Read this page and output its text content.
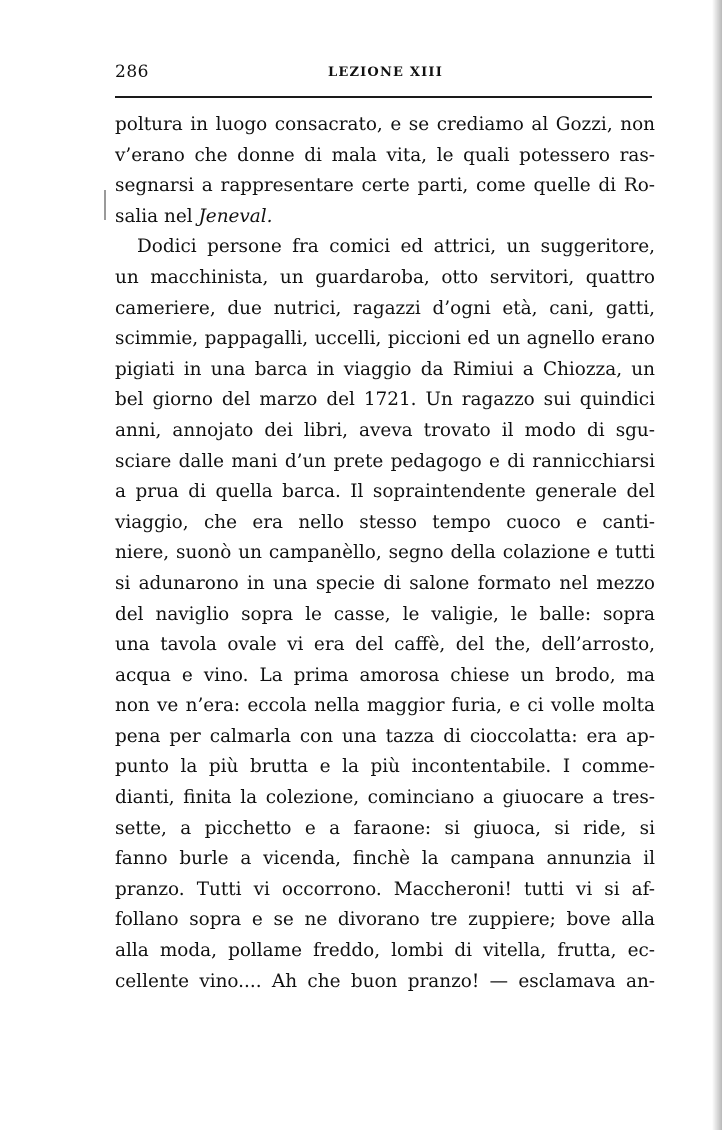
286	LEZIONE XIII
poltura in luogo consacrato, e se crediamo al Gozzi, non
v’erano che donne di mala vita, le quali potessero ras-
segnarsi a rappresentare certe parti, come quelle di Ro-
salia nel Jeneval.
Dodici persone fra comici ed attrici, un suggeritore,
un macchinista, un guardaroba, otto servitori, quattro
cameriere, due nutrici, ragazzi d’ogni età, cani, gatti,
scimmie, pappagalli, uccelli, piccioni ed un agnello erano
pigiati in una barca in viaggio da Rimiui a Chiozza, un
bel giorno del marzo del 1721. Un ragazzo sui quindici
anni, annojato dei libri, aveva trovato il modo di sgu-
sciare dalle mani d’un prete pedagogo e di rannicchiarsi
a prua di quella barca. Il sopraintendente generale del
viaggio, che era nello stesso tempo cuoco e canti-
niere, suonò un campanèllo, segno della colazione e tutti
si adunarono in una specie di salone formato nel mezzo
del naviglio sopra le casse, le valigie, le balle: sopra
una tavola ovale vi era del caffè, del the, dell’arrosto,
acqua e vino. La prima amorosa chiese un brodo, ma
non ve n’era: eccola nella maggior furia, e ci volle molta
pena per calmarla con una tazza di cioccolatta: era ap-
punto la più brutta e la più incontentabile. I comme-
dianti, finita la colezione, cominciano a giuocare a tres-
sette, a picchetto e a faraone: si giuoca, si ride, si
fanno burle a vicenda, finchè la campana annunzia il
pranzo. Tutti vi occorrono. Maccheroni! tutti vi si af-
follano sopra e se ne divorano tre zuppiere; bove alla
alla moda, pollame freddo, lombi di vitella, frutta, ec-
cellente vino.... Ah che buon pranzo! — esclamava an-
